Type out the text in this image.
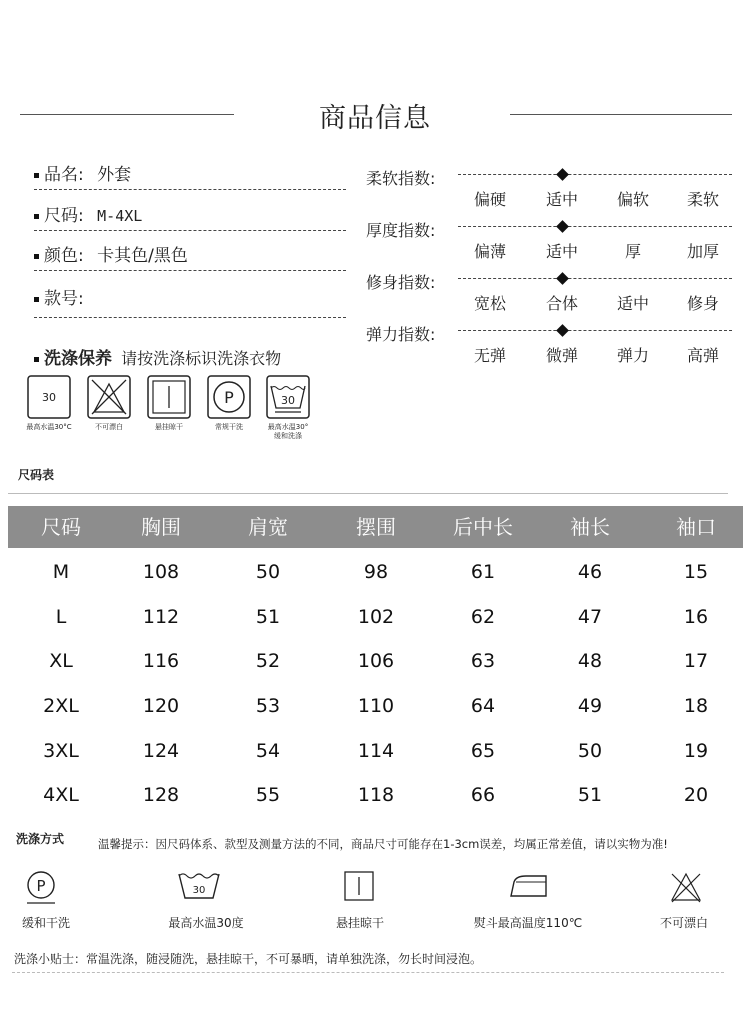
商品信息
品名: 外套
尺码: M-4XL
颜色: 卡其色/黑色
款号:
洗涤保养 请按洗涤标识洗涤衣物
30
最高水温30°C	不可漂白	悬挂晾干
P
常规干洗
30
最高水温30°
缓和洗涤
柔软指数:
偏硬	适中	偏软	柔软
厚度指数:
偏薄	适中	厚	加厚
修身指数:
宽松	合体	适中	修身
弹力指数:
无弹	微弹	弹力	高弹
尺码表
尺码	胸围	肩宽	摆围	后中长	袖长	袖口
M	108	50	98	61	46	15
L	112	51	102	62	47	16
XL	116	52	106	63	48	17
2XL	120	53	110	64	49	18
3XL	124	54	114	65	50	19
4XL	128	55	118	66	51	20
洗涤方式	温馨提示：因尺码体系、款型及测量方法的不同，商品尺寸可能存在1-3cm误差，均属正常差值，请以实物为准!
P
缓和干洗
30
最高水温30度	悬挂晾干	熨斗最高温度110℃	不可漂白
洗涤小贴士：常温洗涤，随浸随洗，悬挂晾干，不可暴晒，请单独洗涤，勿长时间浸泡。
